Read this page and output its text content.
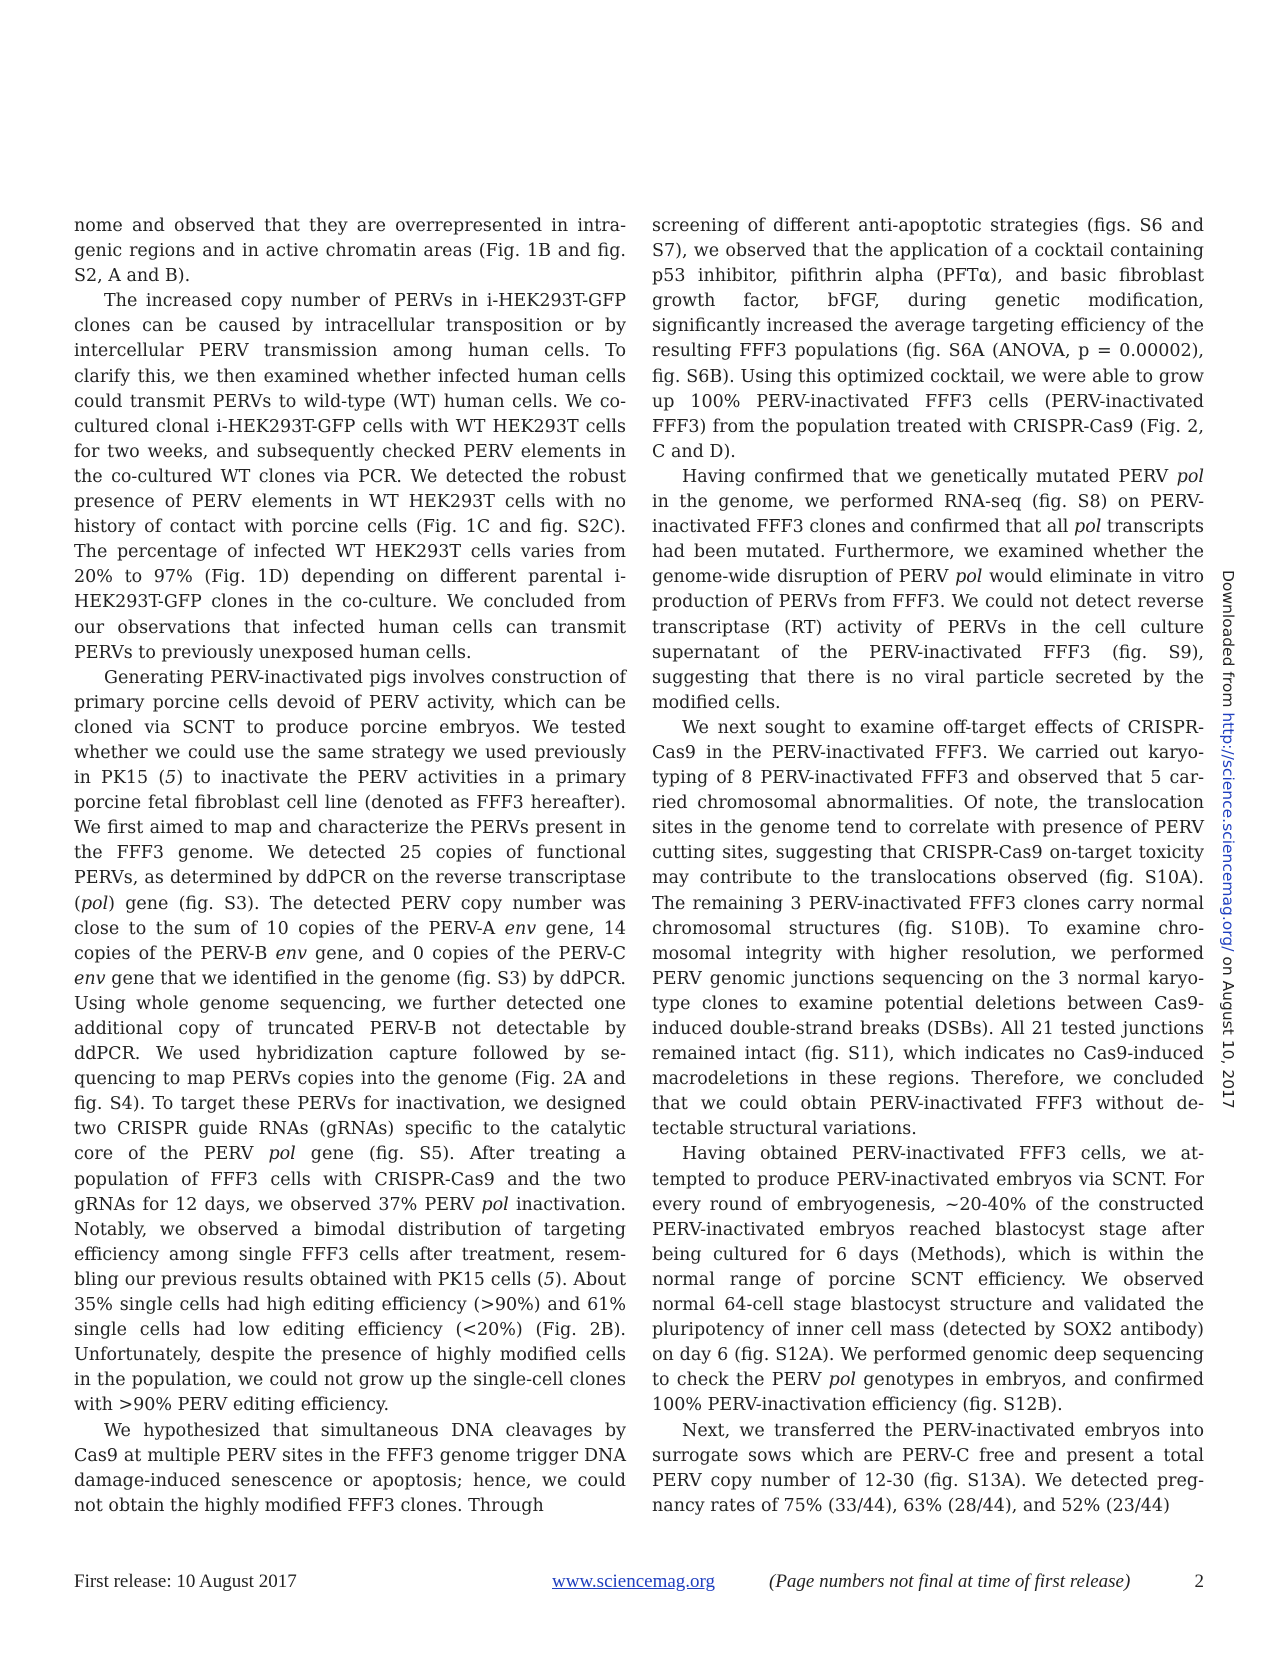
nome and observed that they are overrepresented in intragenic regions and in active chromatin areas (Fig. 1B and fig. S2, A and B).

The increased copy number of PERVs in i-HEK293T-GFP clones can be caused by intracellular transposition or by intercellular PERV transmission among human cells. To clarify this, we then examined whether infected human cells could transmit PERVs to wild-type (WT) human cells. We co-cultured clonal i-HEK293T-GFP cells with WT HEK293T cells for two weeks, and subsequently checked PERV elements in the co-cultured WT clones via PCR. We detected the robust presence of PERV elements in WT HEK293T cells with no history of contact with porcine cells (Fig. 1C and fig. S2C). The percentage of infected WT HEK293T cells varies from 20% to 97% (Fig. 1D) depending on different parental i-HEK293T-GFP clones in the co-culture. We concluded from our observations that infected human cells can transmit PERVs to previously unexposed human cells.

Generating PERV-inactivated pigs involves construction of primary porcine cells devoid of PERV activity, which can be cloned via SCNT to produce porcine embryos. We tested whether we could use the same strategy we used previously in PK15 (5) to inactivate the PERV activities in a primary porcine fetal fibroblast cell line (denoted as FFF3 hereafter). We first aimed to map and characterize the PERVs present in the FFF3 genome. We detected 25 copies of functional PERVs, as determined by ddPCR on the reverse transcriptase (pol) gene (fig. S3). The detected PERV copy number was close to the sum of 10 copies of the PERV-A env gene, 14 copies of the PERV-B env gene, and 0 copies of the PERV-C env gene that we identified in the genome (fig. S3) by ddPCR. Using whole genome sequencing, we further detected one additional copy of truncated PERV-B not detectable by ddPCR. We used hybridization capture followed by sequencing to map PERVs copies into the genome (Fig. 2A and fig. S4). To target these PERVs for inactivation, we designed two CRISPR guide RNAs (gRNAs) specific to the catalytic core of the PERV pol gene (fig. S5). After treating a population of FFF3 cells with CRISPR-Cas9 and the two gRNAs for 12 days, we observed 37% PERV pol inactivation. Notably, we observed a bimodal distribution of targeting efficiency among single FFF3 cells after treatment, resembling our previous results obtained with PK15 cells (5). About 35% single cells had high editing efficiency (>90%) and 61% single cells had low editing efficiency (<20%) (Fig. 2B). Unfortunately, despite the presence of highly modified cells in the population, we could not grow up the single-cell clones with >90% PERV editing efficiency.

We hypothesized that simultaneous DNA cleavages by Cas9 at multiple PERV sites in the FFF3 genome trigger DNA damage-induced senescence or apoptosis; hence, we could not obtain the highly modified FFF3 clones. Through

screening of different anti-apoptotic strategies (figs. S6 and S7), we observed that the application of a cocktail containing p53 inhibitor, pifithrin alpha (PFTα), and basic fibroblast growth factor, bFGF, during genetic modification, significantly increased the average targeting efficiency of the resulting FFF3 populations (fig. S6A (ANOVA, p = 0.00002), fig. S6B). Using this optimized cocktail, we were able to grow up 100% PERV-inactivated FFF3 cells (PERV-inactivated FFF3) from the population treated with CRISPR-Cas9 (Fig. 2, C and D).

Having confirmed that we genetically mutated PERV pol in the genome, we performed RNA-seq (fig. S8) on PERV-inactivated FFF3 clones and confirmed that all pol transcripts had been mutated. Furthermore, we examined whether the genome-wide disruption of PERV pol would eliminate in vitro production of PERVs from FFF3. We could not detect reverse transcriptase (RT) activity of PERVs in the cell culture supernatant of the PERV-inactivated FFF3 (fig. S9), suggesting that there is no viral particle secreted by the modified cells.

We next sought to examine off-target effects of CRISPR-Cas9 in the PERV-inactivated FFF3. We carried out karyotyping of 8 PERV-inactivated FFF3 and observed that 5 carried chromosomal abnormalities. Of note, the translocation sites in the genome tend to correlate with presence of PERV cutting sites, suggesting that CRISPR-Cas9 on-target toxicity may contribute to the translocations observed (fig. S10A). The remaining 3 PERV-inactivated FFF3 clones carry normal chromosomal structures (fig. S10B). To examine chromosomal integrity with higher resolution, we performed PERV genomic junctions sequencing on the 3 normal karyotype clones to examine potential deletions between Cas9-induced double-strand breaks (DSBs). All 21 tested junctions remained intact (fig. S11), which indicates no Cas9-induced macrodeletions in these regions. Therefore, we concluded that we could obtain PERV-inactivated FFF3 without detectable structural variations.

Having obtained PERV-inactivated FFF3 cells, we attempted to produce PERV-inactivated embryos via SCNT. For every round of embryogenesis, ~20-40% of the constructed PERV-inactivated embryos reached blastocyst stage after being cultured for 6 days (Methods), which is within the normal range of porcine SCNT efficiency. We observed normal 64-cell stage blastocyst structure and validated the pluripotency of inner cell mass (detected by SOX2 antibody) on day 6 (fig. S12A). We performed genomic deep sequencing to check the PERV pol genotypes in embryos, and confirmed 100% PERV-inactivation efficiency (fig. S12B).

Next, we transferred the PERV-inactivated embryos into surrogate sows which are PERV-C free and present a total PERV copy number of 12-30 (fig. S13A). We detected pregnancy rates of 75% (33/44), 63% (28/44), and 52% (23/44)

Downloaded from http://science.sciencemag.org/ on August 10, 2017
First release: 10 August 2017	www.sciencemag.org	(Page numbers not final at time of first release)	2
